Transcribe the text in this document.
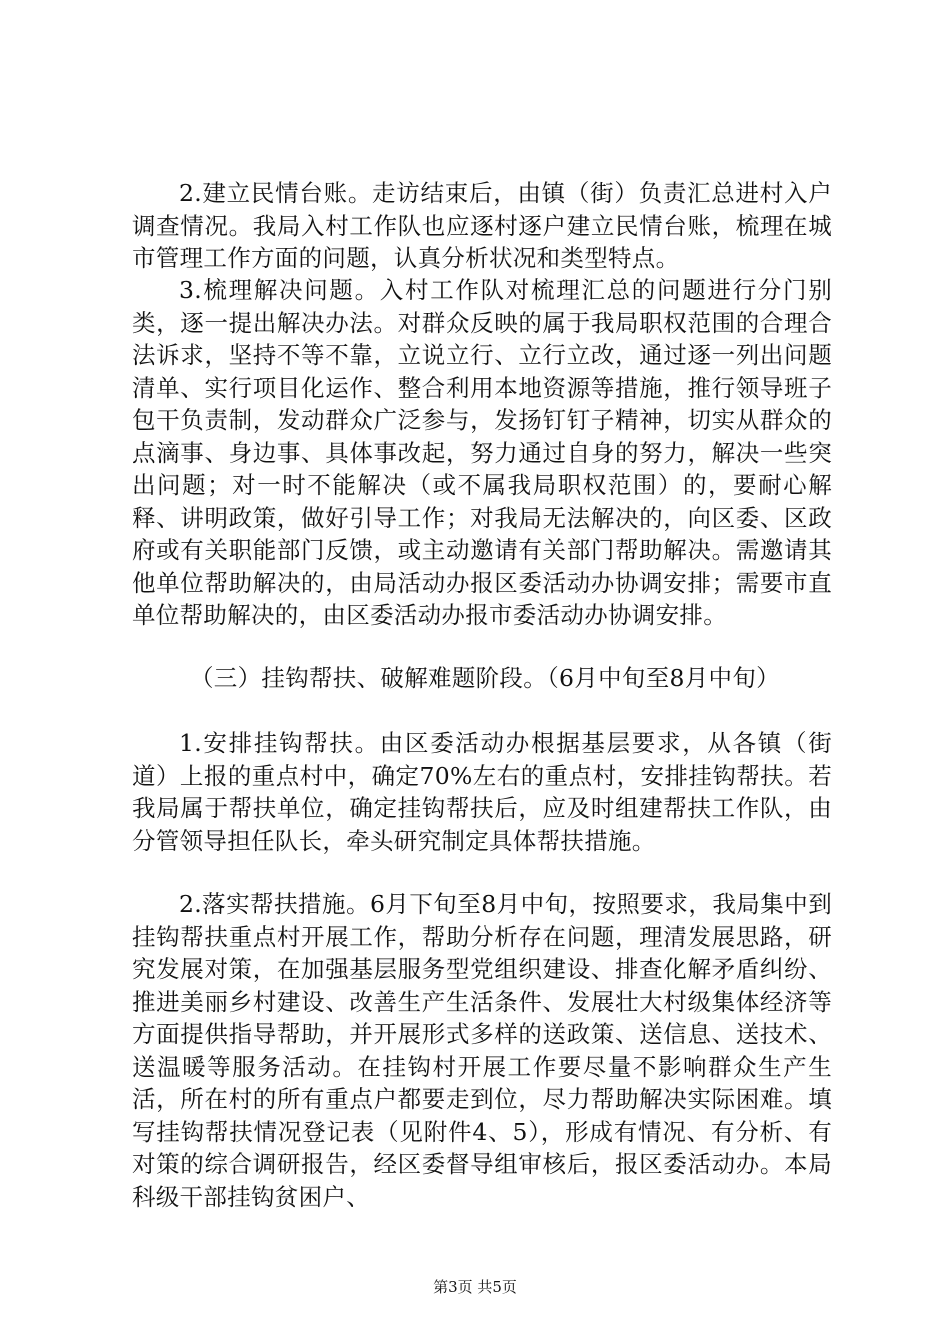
2.建立民情台账。走访结束后，由镇（街）负责汇总进村入户调查情况。我局入村工作队也应逐村逐户建立民情台账，梳理在城市管理工作方面的问题，认真分析状况和类型特点。

3.梳理解决问题。入村工作队对梳理汇总的问题进行分门别类，逐一提出解决办法。对群众反映的属于我局职权范围的合理合法诉求，坚持不等不靠，立说立行、立行立改，通过逐一列出问题清单、实行项目化运作、整合利用本地资源等措施，推行领导班子包干负责制，发动群众广泛参与，发扬钉钉子精神，切实从群众的点滴事、身边事、具体事改起，努力通过自身的努力，解决一些突出问题；对一时不能解决（或不属我局职权范围）的，要耐心解释、讲明政策，做好引导工作；对我局无法解决的，向区委、区政府或有关职能部门反馈，或主动邀请有关部门帮助解决。需邀请其他单位帮助解决的，由局活动办报区委活动办协调安排；需要市直单位帮助解决的，由区委活动办报市委活动办协调安排。

（三）挂钩帮扶、破解难题阶段。（6月中旬至8月中旬）

1.安排挂钩帮扶。由区委活动办根据基层要求，从各镇（街道）上报的重点村中，确定70%左右的重点村，安排挂钩帮扶。若我局属于帮扶单位，确定挂钩帮扶后，应及时组建帮扶工作队，由分管领导担任队长，牵头研究制定具体帮扶措施。

2.落实帮扶措施。6月下旬至8月中旬，按照要求，我局集中到挂钩帮扶重点村开展工作，帮助分析存在问题，理清发展思路，研究发展对策，在加强基层服务型党组织建设、排查化解矛盾纠纷、推进美丽乡村建设、改善生产生活条件、发展壮大村级集体经济等方面提供指导帮助，并开展形式多样的送政策、送信息、送技术、送温暖等服务活动。在挂钩村开展工作要尽量不影响群众生产生活，所在村的所有重点户都要走到位，尽力帮助解决实际困难。填写挂钩帮扶情况登记表（见附件4、5），形成有情况、有分析、有对策的综合调研报告，经区委督导组审核后，报区委活动办。本局科级干部挂钩贫困户、

第3页 共5页
